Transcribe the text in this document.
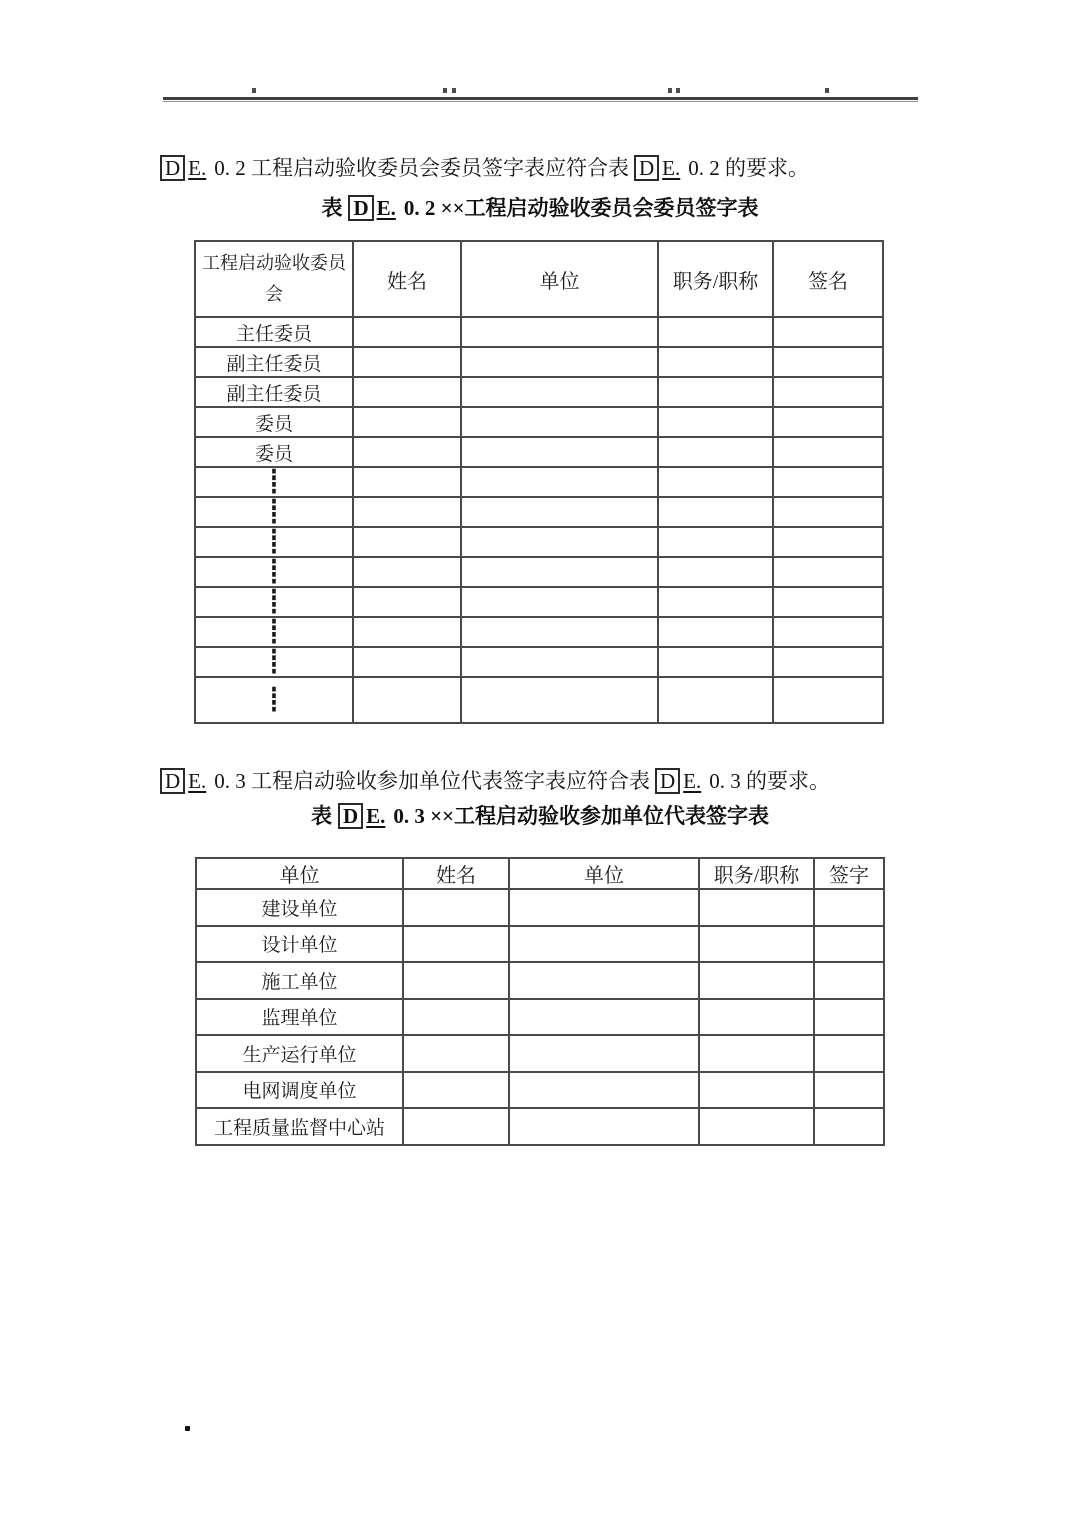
D E. 0. 2 工程启动验收委员会委员签字表应符合表 D E. 0. 2 的要求。

表 D E. 0. 2 ××工程启动验收委员会委员签字表
工程启动验收委员会	姓名	单位	职务/职称	签名
主任委员				
副主任委员				
副主任委员				
委员				
委员				
┋				
┋				
┋				
┋				
┋				
┋				
┋				
┋				

D E. 0. 3 工程启动验收参加单位代表签字表应符合表 D E. 0. 3 的要求。

表 D E. 0. 3 ××工程启动验收参加单位代表签字表
单位	姓名	单位	职务/职称	签字
建设单位				
设计单位				
施工单位				
监理单位				
生产运行单位				
电网调度单位				
工程质量监督中心站				
